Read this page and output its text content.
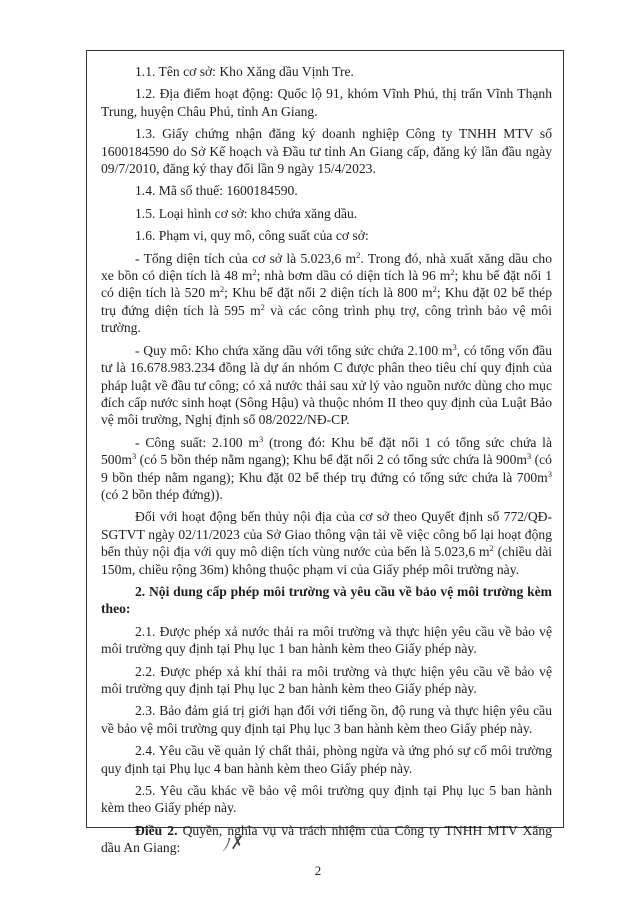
1.1. Tên cơ sở: Kho Xăng dầu Vịnh Tre.

1.2. Địa điểm hoạt động: Quốc lộ 91, khóm Vĩnh Phú, thị trấn Vĩnh Thạnh Trung, huyện Châu Phú, tỉnh An Giang.

1.3. Giấy chứng nhận đăng ký doanh nghiệp Công ty TNHH MTV số 1600184590 do Sở Kế hoạch và Đầu tư tỉnh An Giang cấp, đăng ký lần đầu ngày 09/7/2010, đăng ký thay đổi lần 9 ngày 15/4/2023.

1.4. Mã số thuế: 1600184590.

1.5. Loại hình cơ sở: kho chứa xăng dầu.

1.6. Phạm vi, quy mô, công suất của cơ sở:

- Tổng diện tích của cơ sở là 5.023,6 $m^2$. Trong đó, nhà xuất xăng dầu cho xe bồn có diện tích là 48 $m^2$; nhà bơm dầu có diện tích là 96 $m^2$; khu bể đặt nổi 1 có diện tích là 520 $m^2$; Khu bể đặt nổi 2 diện tích là 800 $m^2$; Khu đặt 02 bể thép trụ đứng diện tích là 595 $m^2$ và các công trình phụ trợ, công trình bảo vệ môi trường.

- Quy mô: Kho chứa xăng dầu với tổng sức chứa 2.100 $m^3$, có tổng vốn đầu tư là 16.678.983.234 đồng là dự án nhóm C được phân theo tiêu chí quy định của pháp luật về đầu tư công; có xả nước thải sau xử lý vào nguồn nước dùng cho mục đích cấp nước sinh hoạt (Sông Hậu) và thuộc nhóm II theo quy định của Luật Bảo vệ môi trường, Nghị định số 08/2022/NĐ-CP.

- Công suất: 2.100 $m^3$ (trong đó: Khu bể đặt nổi 1 có tổng sức chứa là $500m^3$ (có 5 bồn thép nằm ngang); Khu bể đặt nổi 2 có tổng sức chứa là $900m^3$ (có 9 bồn thép nằm ngang); Khu đặt 02 bể thép trụ đứng có tổng sức chứa là $700m^3$ (có 2 bồn thép đứng)).

Đối với hoạt động bến thủy nội địa của cơ sở theo Quyết định số 772/QĐ-SGTVT ngày 02/11/2023 của Sở Giao thông vận tải về việc công bố lại hoạt động bến thủy nội địa với quy mô diện tích vùng nước của bến là 5.023,6 $m^2$ (chiều dài 150m, chiều rộng 36m) không thuộc phạm vi của Giấy phép môi trường này.

2. Nội dung cấp phép môi trường và yêu cầu về bảo vệ môi trường kèm theo:

2.1. Được phép xả nước thải ra môi trường và thực hiện yêu cầu về bảo vệ môi trường quy định tại Phụ lục 1 ban hành kèm theo Giấy phép này.

2.2. Được phép xả khí thải ra môi trường và thực hiện yêu cầu về bảo vệ môi trường quy định tại Phụ lục 2 ban hành kèm theo Giấy phép này.

2.3. Bảo đảm giá trị giới hạn đối với tiếng ồn, độ rung và thực hiện yêu cầu về bảo vệ môi trường quy định tại Phụ lục 3 ban hành kèm theo Giấy phép này.

2.4. Yêu cầu về quản lý chất thải, phòng ngừa và ứng phó sự cố môi trường quy định tại Phụ lục 4 ban hành kèm theo Giấy phép này.

2.5. Yêu cầu khác về bảo vệ môi trường quy định tại Phụ lục 5 ban hành kèm theo Giấy phép này.

Điều 2. Quyền, nghĩa vụ và trách nhiệm của Công ty TNHH MTV Xăng dầu An Giang:	ﾉ✗

2
